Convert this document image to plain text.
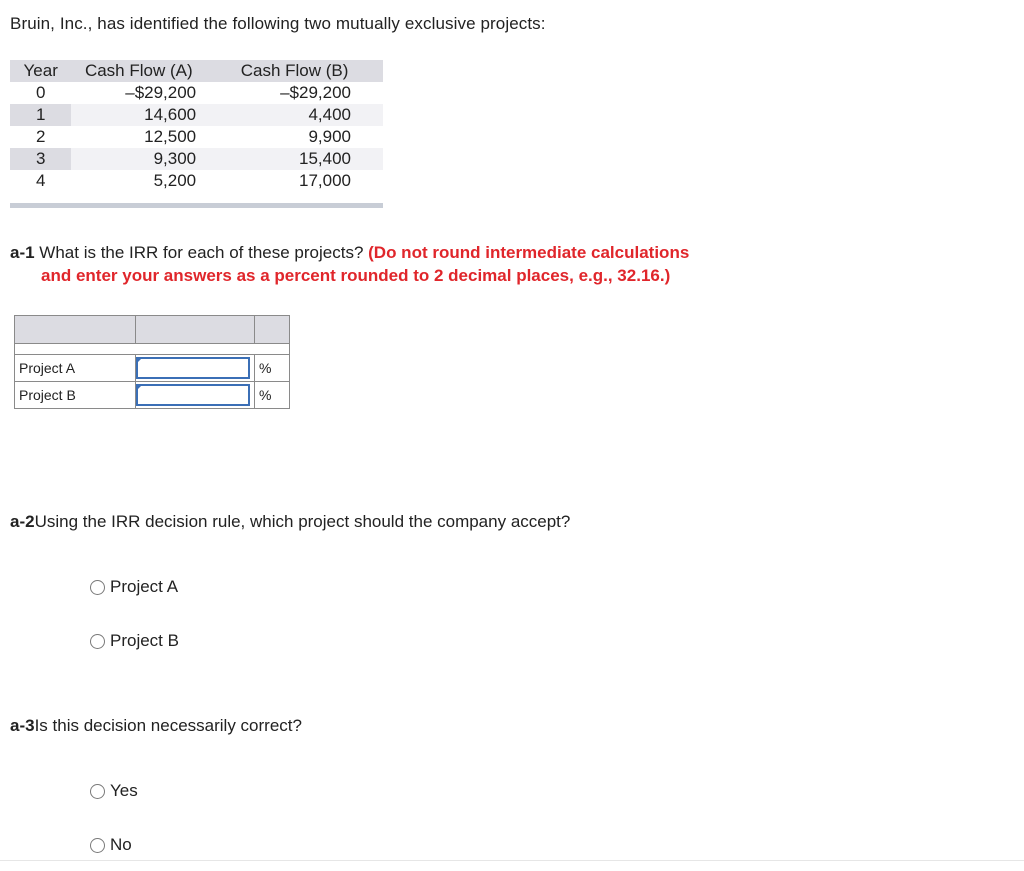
Bruin, Inc., has identified the following two mutually exclusive projects:
Year	Cash Flow (A)	Cash Flow (B)
0	–$29,200	–$29,200
1	14,600	4,400
2	12,500	9,900
3	9,300	15,400
4	5,200	17,000
a-1 What is the IRR for each of these projects? (Do not round intermediate calculations
and enter your answers as a percent rounded to 2 decimal places, e.g., 32.16.)

Project A		%
Project B		%
a-2Using the IRR decision rule, which project should the company accept?
Project A
Project B
a-3Is this decision necessarily correct?
Yes
No
